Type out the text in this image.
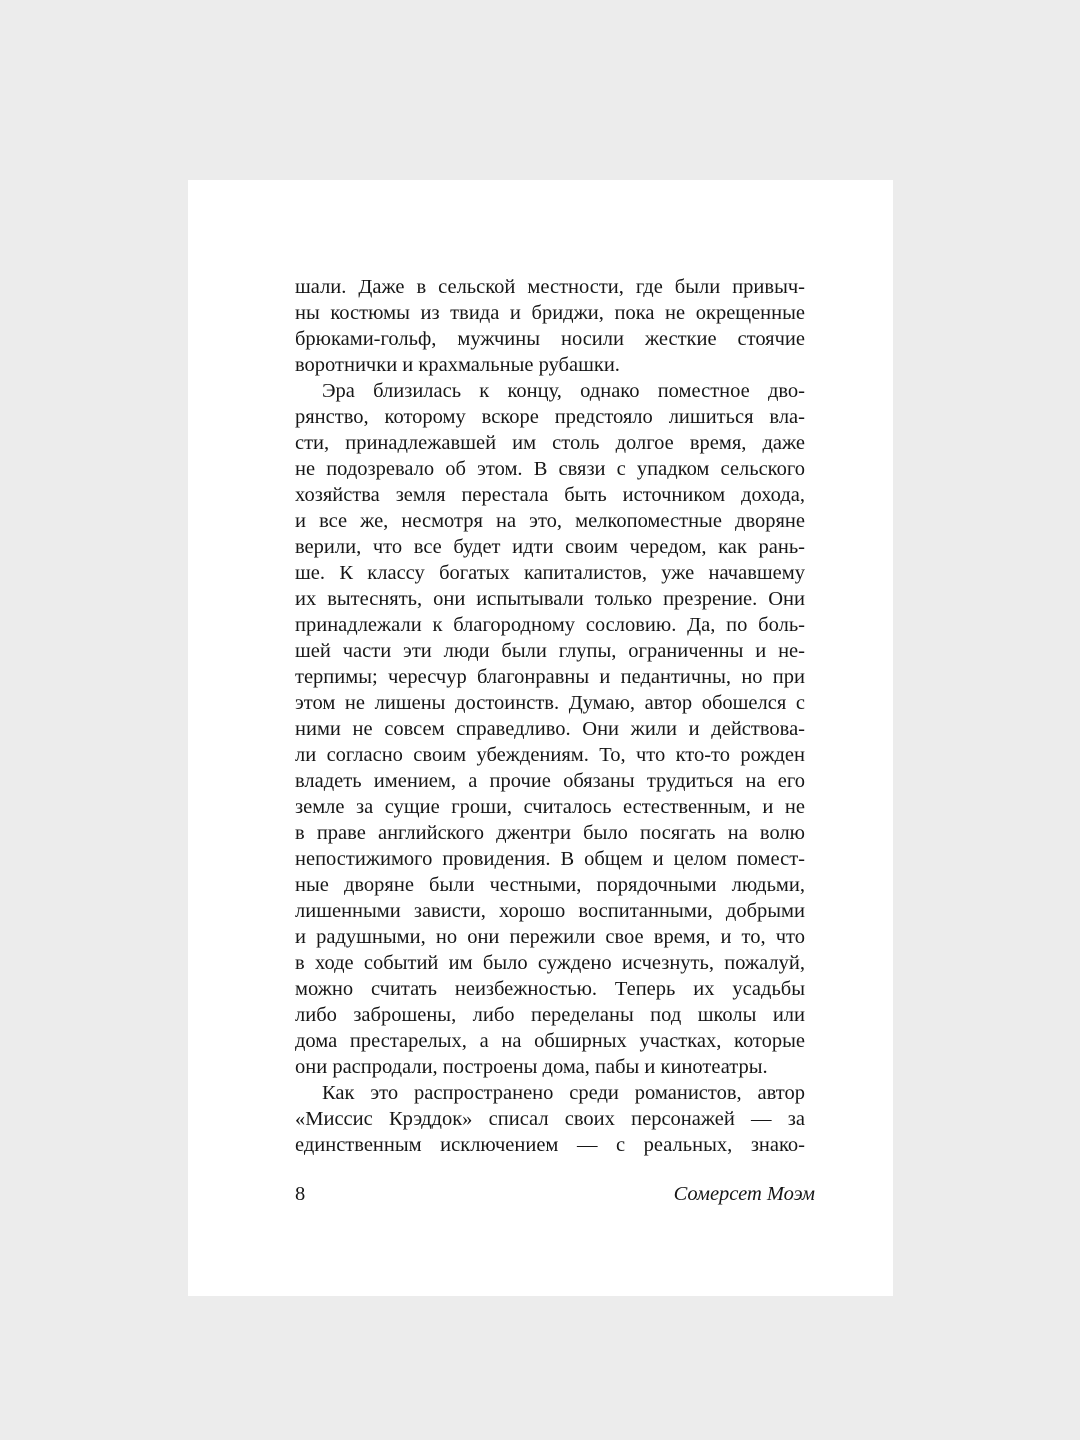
шали. Даже в сельской местности, где были привыч-
ны костюмы из твида и бриджи, пока не окрещенные
брюками-гольф, мужчины носили жесткие стоячие
воротнички и крахмальные рубашки.
Эра близилась к концу, однако поместное дво-
рянство, которому вскоре предстояло лишиться вла-
сти, принадлежавшей им столь долгое время, даже
не подозревало об этом. В связи с упадком сельского
хозяйства земля перестала быть источником дохода,
и все же, несмотря на это, мелкопоместные дворяне
верили, что все будет идти своим чередом, как рань-
ше. К классу богатых капиталистов, уже начавшему
их вытеснять, они испытывали только презрение. Они
принадлежали к благородному сословию. Да, по боль-
шей части эти люди были глупы, ограниченны и не-
терпимы; чересчур благонравны и педантичны, но при
этом не лишены достоинств. Думаю, автор обошелся с
ними не совсем справедливо. Они жили и действова-
ли согласно своим убеждениям. То, что кто-то рожден
владеть имением, а прочие обязаны трудиться на его
земле за сущие гроши, считалось естественным, и не
в праве английского джентри было посягать на волю
непостижимого провидения. В общем и целом помест-
ные дворяне были честными, порядочными людьми,
лишенными зависти, хорошо воспитанными, добрыми
и радушными, но они пережили свое время, и то, что
в ходе событий им было суждено исчезнуть, пожалуй,
можно считать неизбежностью. Теперь их усадьбы
либо заброшены, либо переделаны под школы или
дома престарелых, а на обширных участках, которые
они распродали, построены дома, пабы и кинотеатры.
Как это распространено среди романистов, автор
«Миссис Крэддок» списал своих персонажей — за
единственным исключением — с реальных, знако-
8	Сомерсет Моэм
